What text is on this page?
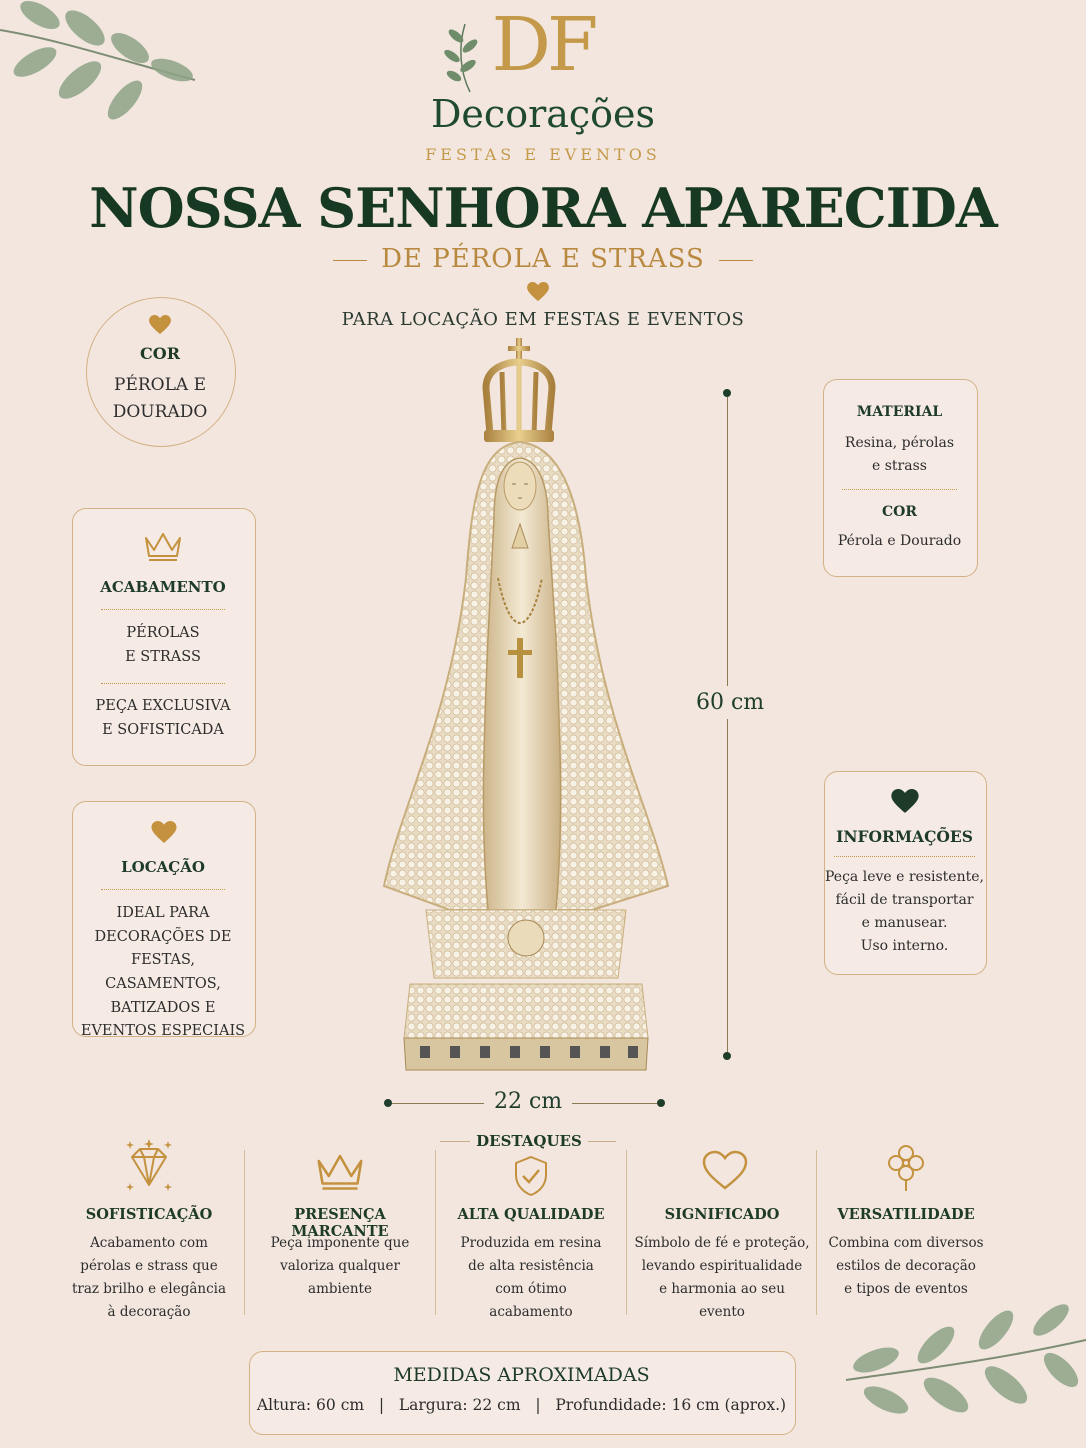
DF
Decorações
FESTAS E EVENTOS
NOSSA SENHORA APARECIDA
DE PÉROLA E STRASS
PARA LOCAÇÃO EM FESTAS E EVENTOS
COR
PÉROLA E
DOURADO
ACABAMENTO
PÉROLAS
E STRASS
PEÇA EXCLUSIVA
E SOFISTICADA
LOCAÇÃO
IDEAL PARA
DECORAÇÕES DE
FESTAS, CASAMENTOS,
BATIZADOS E
EVENTOS ESPECIAIS
60 cm
22 cm
MATERIAL
Resina, pérolas
e strass
COR
Pérola e Dourado
INFORMAÇÕES
Peça leve e resistente,
fácil de transportar
e manusear.
Uso interno.
DESTAQUES
SOFISTICAÇÃO
Acabamento com
pérolas e strass que
traz brilho e elegância
à decoração
PRESENÇA MARCANTE
Peça imponente que
valoriza qualquer
ambiente
ALTA QUALIDADE
Produzida em resina
de alta resistência
com ótimo
acabamento
SIGNIFICADO
Símbolo de fé e proteção,
levando espiritualidade
e harmonia ao seu
evento
VERSATILIDADE
Combina com diversos
estilos de decoração
e tipos de eventos
MEDIDAS APROXIMADAS
Altura: 60 cm   |   Largura: 22 cm   |   Profundidade: 16 cm (aprox.)
